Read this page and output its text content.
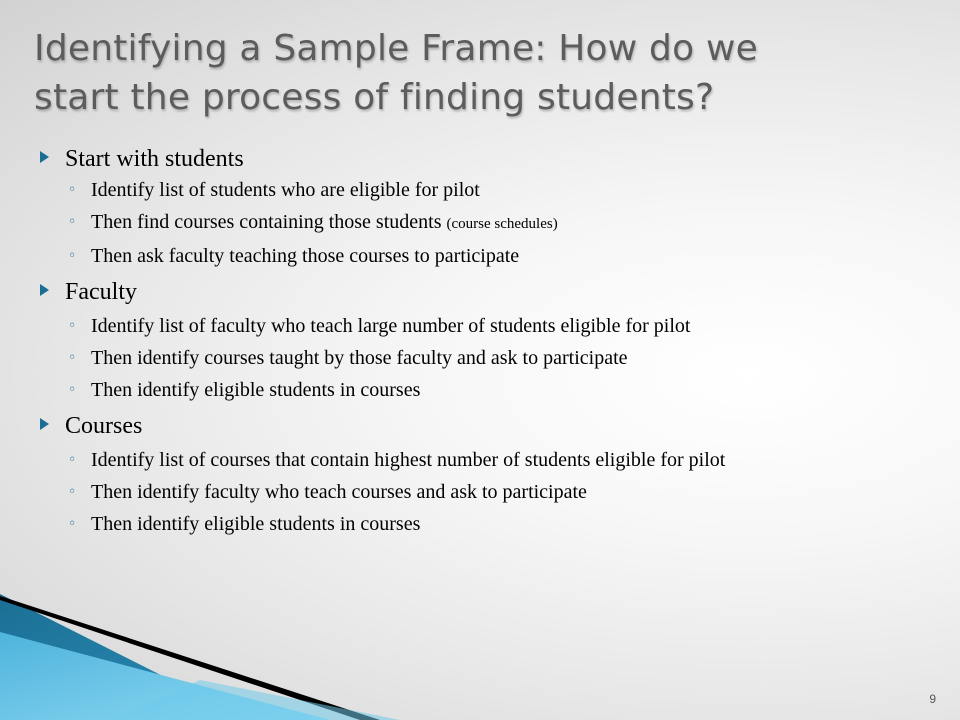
Identifying a Sample Frame: How do we
start the process of finding students?
Start with students
◦ Identify list of students who are eligible for pilot
◦ Then find courses containing those students (course schedules)
◦ Then ask faculty teaching those courses to participate
Faculty
◦ Identify list of faculty who teach large number of students eligible for pilot
◦ Then identify courses taught by those faculty and ask to participate
◦ Then identify eligible students in courses
Courses
◦ Identify list of courses that contain highest number of students eligible for pilot
◦ Then identify faculty who teach courses and ask to participate
◦ Then identify eligible students in courses
9
